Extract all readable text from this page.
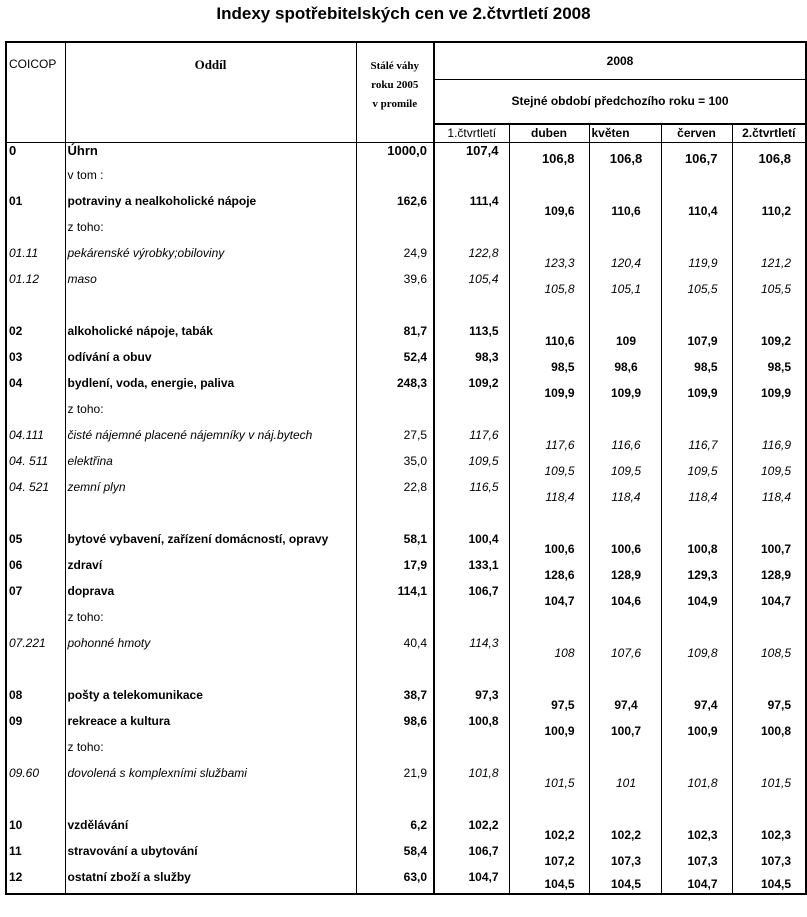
Indexy spotřebitelských cen ve 2.čtvrtletí 2008
COICOP	Oddíl	Stálé váhy
roku 2005
v promile	2008				
			Stejné období předchozího roku = 100				
			1.čtvrtletí	duben	květen	červen	2.čtvrtletí
0	Úhrn	1000,0	107,4	106,8	106,8	106,7	106,8
	v tom :						
01	potraviny a nealkoholické nápoje	162,6	111,4	109,6	110,6	110,4	110,2
	z toho:						
01.11	pekárenské výrobky;obiloviny	24,9	122,8	123,3	120,4	119,9	121,2
01.12	maso	39,6	105,4	105,8	105,1	105,5	105,5

02	alkoholické nápoje, tabák	81,7	113,5	110,6	109	107,9	109,2
03	odívání a obuv	52,4	98,3	98,5	98,6	98,5	98,5
04	bydlení, voda, energie, paliva	248,3	109,2	109,9	109,9	109,9	109,9
	z toho:						
04.111	čisté nájemné placené nájemníky v náj.bytech	27,5	117,6	117,6	116,6	116,7	116,9
04. 511	elektřina	35,0	109,5	109,5	109,5	109,5	109,5
04. 521	zemní plyn	22,8	116,5	118,4	118,4	118,4	118,4

05	bytové vybavení, zařízení domácností, opravy	58,1	100,4	100,6	100,6	100,8	100,7
06	zdraví	17,9	133,1	128,6	128,9	129,3	128,9
07	doprava	114,1	106,7	104,7	104,6	104,9	104,7
	z toho:						
07.221	pohonné hmoty	40,4	114,3	108	107,6	109,8	108,5

08	pošty a telekomunikace	38,7	97,3	97,5	97,4	97,4	97,5
09	rekreace a kultura	98,6	100,8	100,9	100,7	100,9	100,8
	z toho:						
09.60	dovolená s komplexními službami	21,9	101,8	101,5	101	101,8	101,5

10	vzdělávání	6,2	102,2	102,2	102,2	102,3	102,3
11	stravování a ubytování	58,4	106,7	107,2	107,3	107,3	107,3
12	ostatní zboží a služby	63,0	104,7	104,5	104,5	104,7	104,5
